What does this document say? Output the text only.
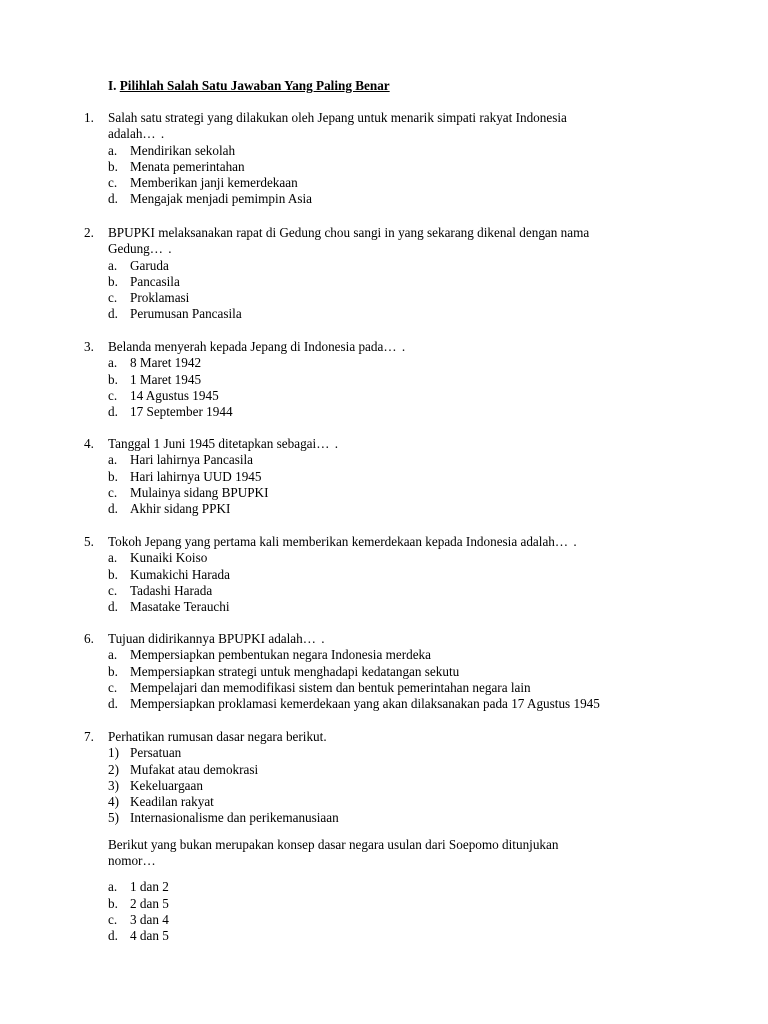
I. Pilihlah Salah Satu Jawaban Yang Paling Benar
1. Salah satu strategi yang dilakukan oleh Jepang untuk menarik simpati rakyat Indonesia
adalah… .
a. Mendirikan sekolah
b. Menata pemerintahan
c. Memberikan janji kemerdekaan
d. Mengajak menjadi pemimpin Asia
2. BPUPKI melaksanakan rapat di Gedung chou sangi in yang sekarang dikenal dengan nama
Gedung… .
a. Garuda
b. Pancasila
c. Proklamasi
d. Perumusan Pancasila
3. Belanda menyerah kepada Jepang di Indonesia pada… .
a. 8 Maret 1942
b. 1 Maret 1945
c. 14 Agustus 1945
d. 17 September 1944
4. Tanggal 1 Juni 1945 ditetapkan sebagai… .
a. Hari lahirnya Pancasila
b. Hari lahirnya UUD 1945
c. Mulainya sidang BPUPKI
d. Akhir sidang PPKI
5. Tokoh Jepang yang pertama kali memberikan kemerdekaan kepada Indonesia adalah… .
a. Kunaiki Koiso
b. Kumakichi Harada
c. Tadashi Harada
d. Masatake Terauchi
6. Tujuan didirikannya BPUPKI adalah… .
a. Mempersiapkan pembentukan negara Indonesia merdeka
b. Mempersiapkan strategi untuk menghadapi kedatangan sekutu
c. Mempelajari dan memodifikasi sistem dan bentuk pemerintahan negara lain
d. Mempersiapkan proklamasi kemerdekaan yang akan dilaksanakan pada 17 Agustus 1945
7. Perhatikan rumusan dasar negara berikut.
1) Persatuan
2) Mufakat atau demokrasi
3) Kekeluargaan
4) Keadilan rakyat
5) Internasionalisme dan perikemanusiaan
Berikut yang bukan merupakan konsep dasar negara usulan dari Soepomo ditunjukan
nomor…
a. 1 dan 2
b. 2 dan 5
c. 3 dan 4
d. 4 dan 5
